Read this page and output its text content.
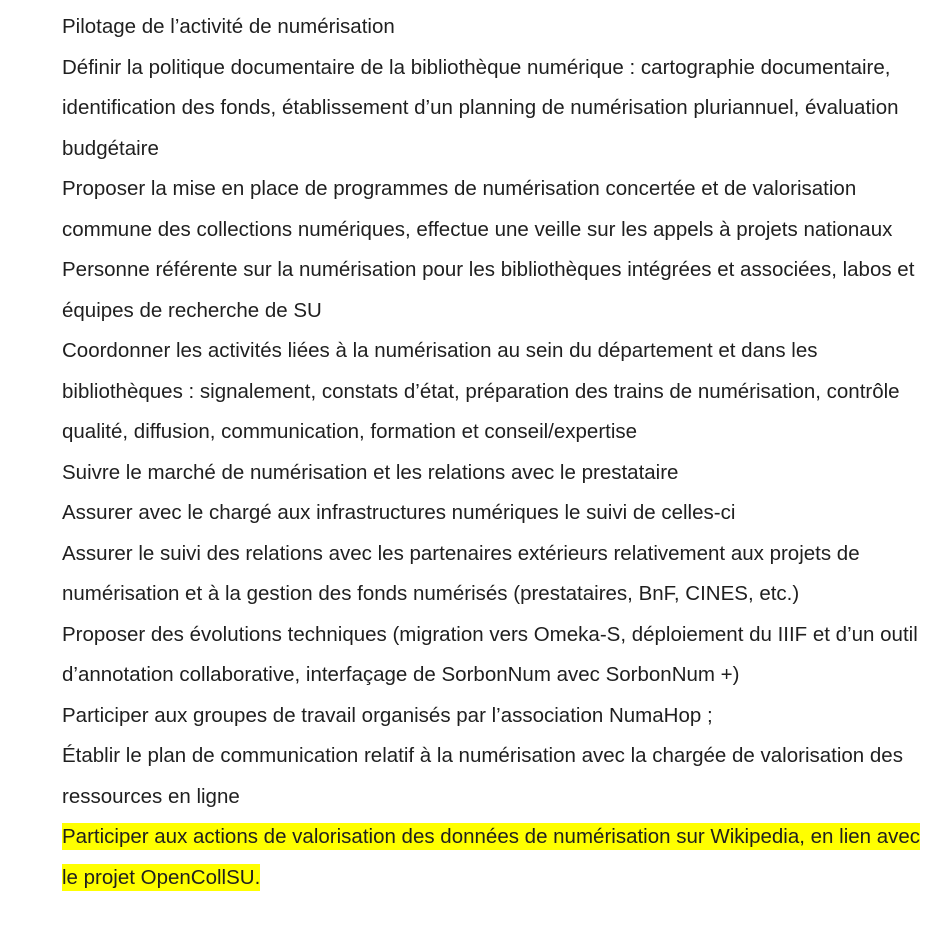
Pilotage de l’activité de numérisation

Définir la politique documentaire de la bibliothèque numérique : cartographie documentaire, identification des fonds, établissement d’un planning de numérisation pluriannuel, évaluation budgétaire

Proposer la mise en place de programmes de numérisation concertée et de valorisation commune des collections numériques, effectue une veille sur les appels à projets nationaux

Personne référente sur la numérisation pour les bibliothèques intégrées et associées, labos et équipes de recherche de SU

Coordonner les activités liées à la numérisation au sein du département et dans les bibliothèques : signalement, constats d’état, préparation des trains de numérisation, contrôle qualité, diffusion, communication, formation et conseil/expertise

Suivre le marché de numérisation et les relations avec le prestataire

Assurer avec le chargé aux infrastructures numériques le suivi de celles-ci

Assurer le suivi des relations avec les partenaires extérieurs relativement aux projets de numérisation et à la gestion des fonds numérisés (prestataires, BnF, CINES, etc.)

Proposer des évolutions techniques (migration vers Omeka-S, déploiement du IIIF et d’un outil d’annotation collaborative, interfaçage de SorbonNum avec SorbonNum +)

Participer aux groupes de travail organisés par l’association NumaHop ;

Établir le plan de communication relatif à la numérisation avec la chargée de valorisation des ressources en ligne

Participer aux actions de valorisation des données de numérisation sur Wikipedia, en lien avec le projet OpenCollSU.
